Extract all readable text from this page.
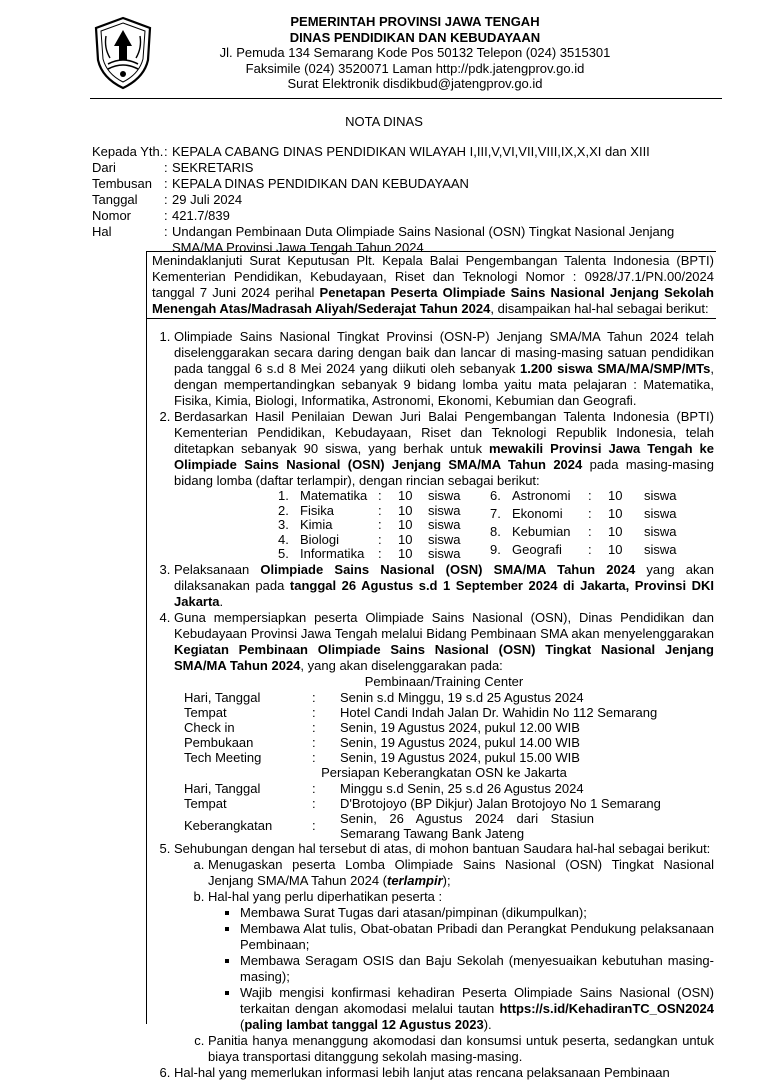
PEMERINTAH PROVINSI JAWA TENGAH
DINAS PENDIDIKAN DAN KEBUDAYAAN
Jl. Pemuda 134 Semarang Kode Pos 50132 Telepon (024) 3515301
Faksimile (024) 3520071 Laman http://pdk.jatengprov.go.id
Surat Elektronik disdikbud@jatengprov.go.id
NOTA DINAS
Kepada Yth. : KEPALA CABANG DINAS PENDIDIKAN WILAYAH I,III,V,VI,VII,VIII,IX,X,XI dan XIII
Dari	: SEKRETARIS
Tembusan : KEPALA DINAS PENDIDIKAN DAN KEBUDAYAAN
Tanggal	: 29 Juli 2024
Nomor	: 421.7/839
Hal	: Undangan Pembinaan Duta Olimpiade Sains Nasional (OSN) Tingkat Nasional Jenjang SMA/MA Provinsi Jawa Tengah Tahun 2024

Menindaklanjuti Surat Keputusan Plt. Kepala Balai Pengembangan Talenta Indonesia (BPTI) Kementerian Pendidikan, Kebudayaan, Riset dan Teknologi Nomor : 0928/J7.1/PN.00/2024 tanggal 7 Juni 2024 perihal Penetapan Peserta Olimpiade Sains Nasional Jenjang Sekolah Menengah Atas/Madrasah Aliyah/Sederajat Tahun 2024, disampaikan hal-hal sebagai berikut:

1. Olimpiade Sains Nasional Tingkat Provinsi (OSN-P) Jenjang SMA/MA Tahun 2024 telah diselenggarakan secara daring dengan baik dan lancar di masing-masing satuan pendidikan pada tanggal 6 s.d 8 Mei 2024 yang diikuti oleh sebanyak 1.200 siswa SMA/MA/SMP/MTs, dengan mempertandingkan sebanyak 9 bidang lomba yaitu mata pelajaran : Matematika, Fisika, Kimia, Biologi, Informatika, Astronomi, Ekonomi, Kebumian dan Geografi.
2. Berdasarkan Hasil Penilaian Dewan Juri Balai Pengembangan Talenta Indonesia (BPTI) Kementerian Pendidikan, Kebudayaan, Riset dan Teknologi Republik Indonesia, telah ditetapkan sebanyak 90 siswa, yang berhak untuk mewakili Provinsi Jawa Tengah ke Olimpiade Sains Nasional (OSN) Jenjang SMA/MA Tahun 2024 pada masing-masing bidang lomba (daftar terlampir), dengan rincian sebagai berikut:
1.	Matematika	:	10	siswa
2.	Fisika	:	10	siswa
3.	Kimia	:	10	siswa
4.	Biologi	:	10	siswa
5.	Informatika	:	10	siswa
6.	Astronomi	:	10	siswa
7.	Ekonomi	:	10	siswa
8.	Kebumian	:	10	siswa
9.	Geografi	:	10	siswa
3. Pelaksanaan Olimpiade Sains Nasional (OSN) SMA/MA Tahun 2024 yang akan dilaksanakan pada tanggal 26 Agustus s.d 1 September 2024 di Jakarta, Provinsi DKI Jakarta.
4. Guna mempersiapkan peserta Olimpiade Sains Nasional (OSN), Dinas Pendidikan dan Kebudayaan Provinsi Jawa Tengah melalui Bidang Pembinaan SMA akan menyelenggarakan Kegiatan Pembinaan Olimpiade Sains Nasional (OSN) Tingkat Nasional Jenjang SMA/MA Tahun 2024, yang akan diselenggarakan pada:
Pembinaan/Training Center
Hari, Tanggal	:	Senin s.d Minggu, 19 s.d 25 Agustus 2024
Tempat	:	Hotel Candi Indah Jalan Dr. Wahidin No 112 Semarang
Check in	:	Senin, 19 Agustus 2024, pukul 12.00 WIB
Pembukaan	:	Senin, 19 Agustus 2024, pukul 14.00 WIB
Tech Meeting	:	Senin, 19 Agustus 2024, pukul 15.00 WIB
Persiapan Keberangkatan OSN ke Jakarta
Hari, Tanggal	:	Minggu s.d Senin, 25 s.d 26 Agustus 2024
Tempat	:	D'Brotojoyo (BP Dikjur) Jalan Brotojoyo No 1 Semarang
Keberangkatan	:	Senin, 26 Agustus 2024 dari Stasiun Semarang Tawang Bank Jateng
5. Sehubungan dengan hal tersebut di atas, di mohon bantuan Saudara hal-hal sebagai berikut:
a. Menugaskan peserta Lomba Olimpiade Sains Nasional (OSN) Tingkat Nasional Jenjang SMA/MA Tahun 2024 (terlampir);
b. Hal-hal yang perlu diperhatikan peserta :
▪ Membawa Surat Tugas dari atasan/pimpinan (dikumpulkan);
▪ Membawa Alat tulis, Obat-obatan Pribadi dan Perangkat Pendukung pelaksanaan Pembinaan;
▪ Membawa Seragam OSIS dan Baju Sekolah (menyesuaikan kebutuhan masing-masing);
▪ Wajib mengisi konfirmasi kehadiran Peserta Olimpiade Sains Nasional (OSN) terkaitan dengan akomodasi melalui tautan https://s.id/KehadiranTC_OSN2024 (paling lambat tanggal 12 Agustus 2023).
c. Panitia hanya menanggung akomodasi dan konsumsi untuk peserta, sedangkan untuk biaya transportasi ditanggung sekolah masing-masing.
6. Hal-hal yang memerlukan informasi lebih lanjut atas rencana pelaksanaan Pembinaan
